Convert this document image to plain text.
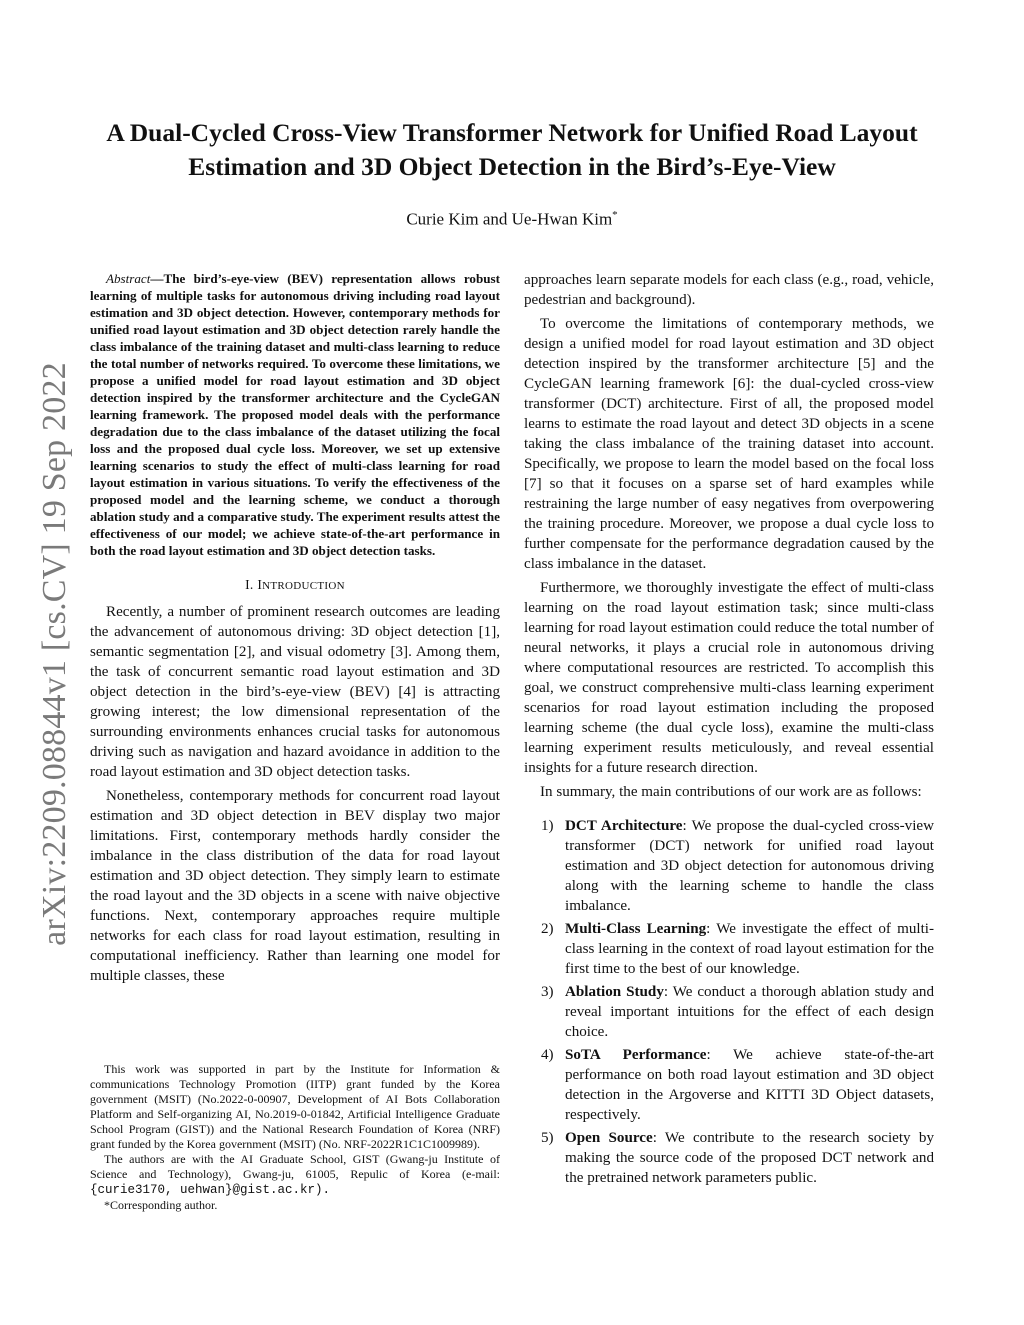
A Dual-Cycled Cross-View Transformer Network for Unified Road Layout Estimation and 3D Object Detection in the Bird’s-Eye-View
Curie Kim and Ue-Hwan Kim*
arXiv:2209.08844v1 [cs.CV] 19 Sep 2022

Abstract—The bird’s-eye-view (BEV) representation allows robust learning of multiple tasks for autonomous driving including road layout estimation and 3D object detection. However, contemporary methods for unified road layout estimation and 3D object detection rarely handle the class imbalance of the training dataset and multi-class learning to reduce the total number of networks required. To overcome these limitations, we propose a unified model for road layout estimation and 3D object detection inspired by the transformer architecture and the CycleGAN learning framework. The proposed model deals with the performance degradation due to the class imbalance of the dataset utilizing the focal loss and the proposed dual cycle loss. Moreover, we set up extensive learning scenarios to study the effect of multi-class learning for road layout estimation in various situations. To verify the effectiveness of the proposed model and the learning scheme, we conduct a thorough ablation study and a comparative study. The experiment results attest the effectiveness of our model; we achieve state-of-the-art performance in both the road layout estimation and 3D object detection tasks.

I. INTRODUCTION

Recently, a number of prominent research outcomes are leading the advancement of autonomous driving: 3D object detection [1], semantic segmentation [2], and visual odometry [3]. Among them, the task of concurrent semantic road layout estimation and 3D object detection in the bird’s-eye-view (BEV) [4] is attracting growing interest; the low dimensional representation of the surrounding environments enhances crucial tasks for autonomous driving such as navigation and hazard avoidance in addition to the road layout estimation and 3D object detection tasks.

Nonetheless, contemporary methods for concurrent road layout estimation and 3D object detection in BEV display two major limitations. First, contemporary methods hardly consider the imbalance in the class distribution of the data for road layout estimation and 3D object detection. They simply learn to estimate the road layout and the 3D objects in a scene with naive objective functions. Next, contemporary approaches require multiple networks for each class for road layout estimation, resulting in computational inefficiency. Rather than learning one model for multiple classes, these

This work was supported in part by the Institute for Information & communications Technology Promotion (IITP) grant funded by the Korea government (MSIT) (No.2022-0-00907, Development of AI Bots Collaboration Platform and Self-organizing AI, No.2019-0-01842, Artificial Intelligence Graduate School Program (GIST)) and the National Research Foundation of Korea (NRF) grant funded by the Korea government (MSIT) (No. NRF-2022R1C1C1009989).

The authors are with the AI Graduate School, GIST (Gwang-ju Institute of Science and Technology), Gwang-ju, 61005, Repulic of Korea (e-mail: {curie3170, uehwan}@gist.ac.kr).

*Corresponding author.

approaches learn separate models for each class (e.g., road, vehicle, pedestrian and background).

To overcome the limitations of contemporary methods, we design a unified model for road layout estimation and 3D object detection inspired by the transformer architecture [5] and the CycleGAN learning framework [6]: the dual-cycled cross-view transformer (DCT) architecture. First of all, the proposed model learns to estimate the road layout and detect 3D objects in a scene taking the class imbalance of the training dataset into account. Specifically, we propose to learn the model based on the focal loss [7] so that it focuses on a sparse set of hard examples while restraining the large number of easy negatives from overpowering the training procedure. Moreover, we propose a dual cycle loss to further compensate for the performance degradation caused by the class imbalance in the dataset.

Furthermore, we thoroughly investigate the effect of multi-class learning on the road layout estimation task; since multi-class learning for road layout estimation could reduce the total number of neural networks, it plays a crucial role in autonomous driving where computational resources are restricted. To accomplish this goal, we construct comprehensive multi-class learning experiment scenarios for road layout estimation including the proposed learning scheme (the dual cycle loss), examine the multi-class learning experiment results meticulously, and reveal essential insights for a future research direction.

In summary, the main contributions of our work are as follows:

1) DCT Architecture: We propose the dual-cycled cross-view transformer (DCT) network for unified road layout estimation and 3D object detection for autonomous driving along with the learning scheme to handle the class imbalance.
2) Multi-Class Learning: We investigate the effect of multi-class learning in the context of road layout estimation for the first time to the best of our knowledge.
3) Ablation Study: We conduct a thorough ablation study and reveal important intuitions for the effect of each design choice.
4) SoTA Performance: We achieve state-of-the-art performance on both road layout estimation and 3D object detection in the Argoverse and KITTI 3D Object datasets, respectively.
5) Open Source: We contribute to the research society by making the source code of the proposed DCT network and the pretrained network parameters public.
